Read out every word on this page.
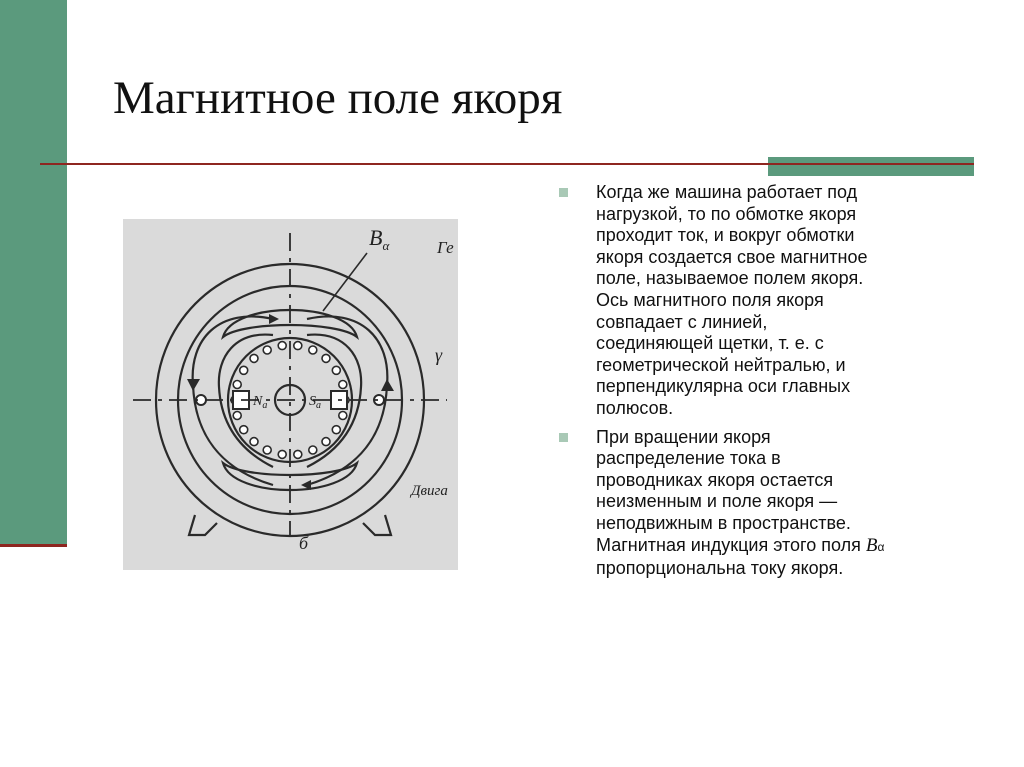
Магнитное поле якоря
$B_\alpha$	Ге
γ
$N_а$	$S_а$
Двига
б
Когда же машина работает под
нагрузкой, то по обмотке якоря
проходит ток, и вокруг обмотки
якоря создается свое магнитное
поле, называемое полем якоря.
Ось магнитного поля якоря
совпадает с линией,
соединяющей щетки, т. е. с
геометрической нейтралью, и
перпендикулярна оси главных
полюсов.
При вращении якоря
распределение тока в
проводниках якоря остается
неизменным и поле якоря —
неподвижным в пространстве.
Магнитная индукция этого поля Bα
пропорциональна току якоря.
